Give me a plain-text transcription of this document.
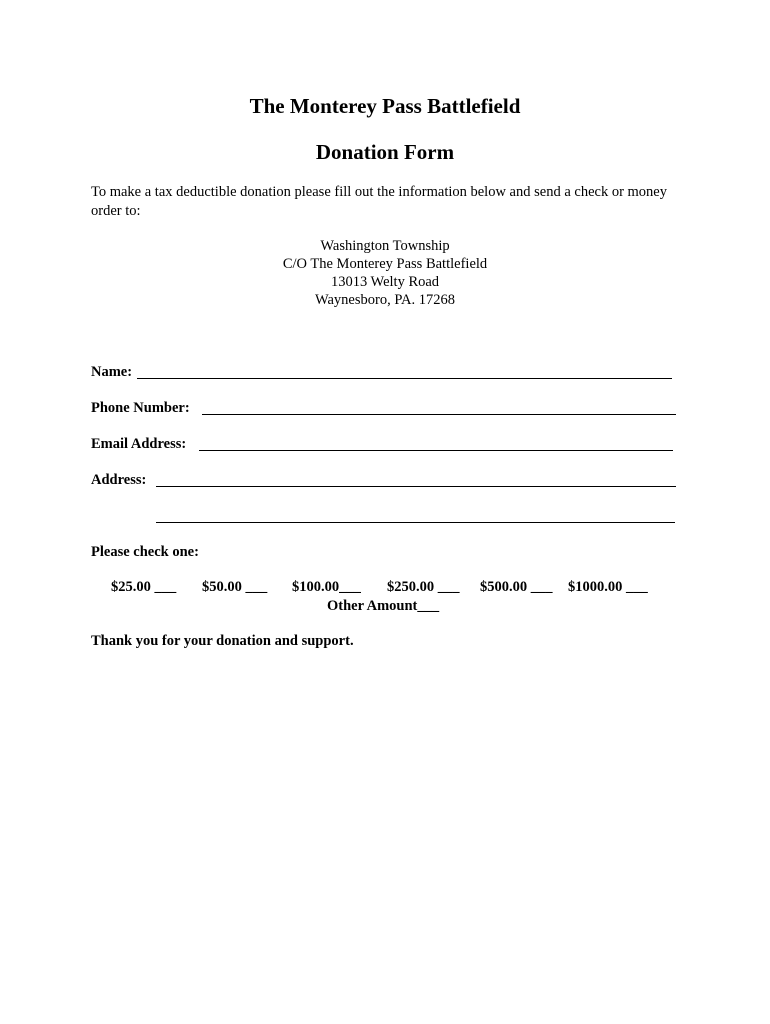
The Monterey Pass Battlefield
Donation Form

To make a tax deductible donation please fill out the information below and send a check or money order to:

Washington Township
C/O The Monterey Pass Battlefield
13013 Welty Road
Waynesboro, PA. 17268
Name:
Phone Number:
Email Address:
Address:
Please check one:
$25.00 ___ $50.00 ___ $100.00___ $250.00 ___ $500.00 ___ $1000.00 ___
Other Amount___
Thank you for your donation and support.
